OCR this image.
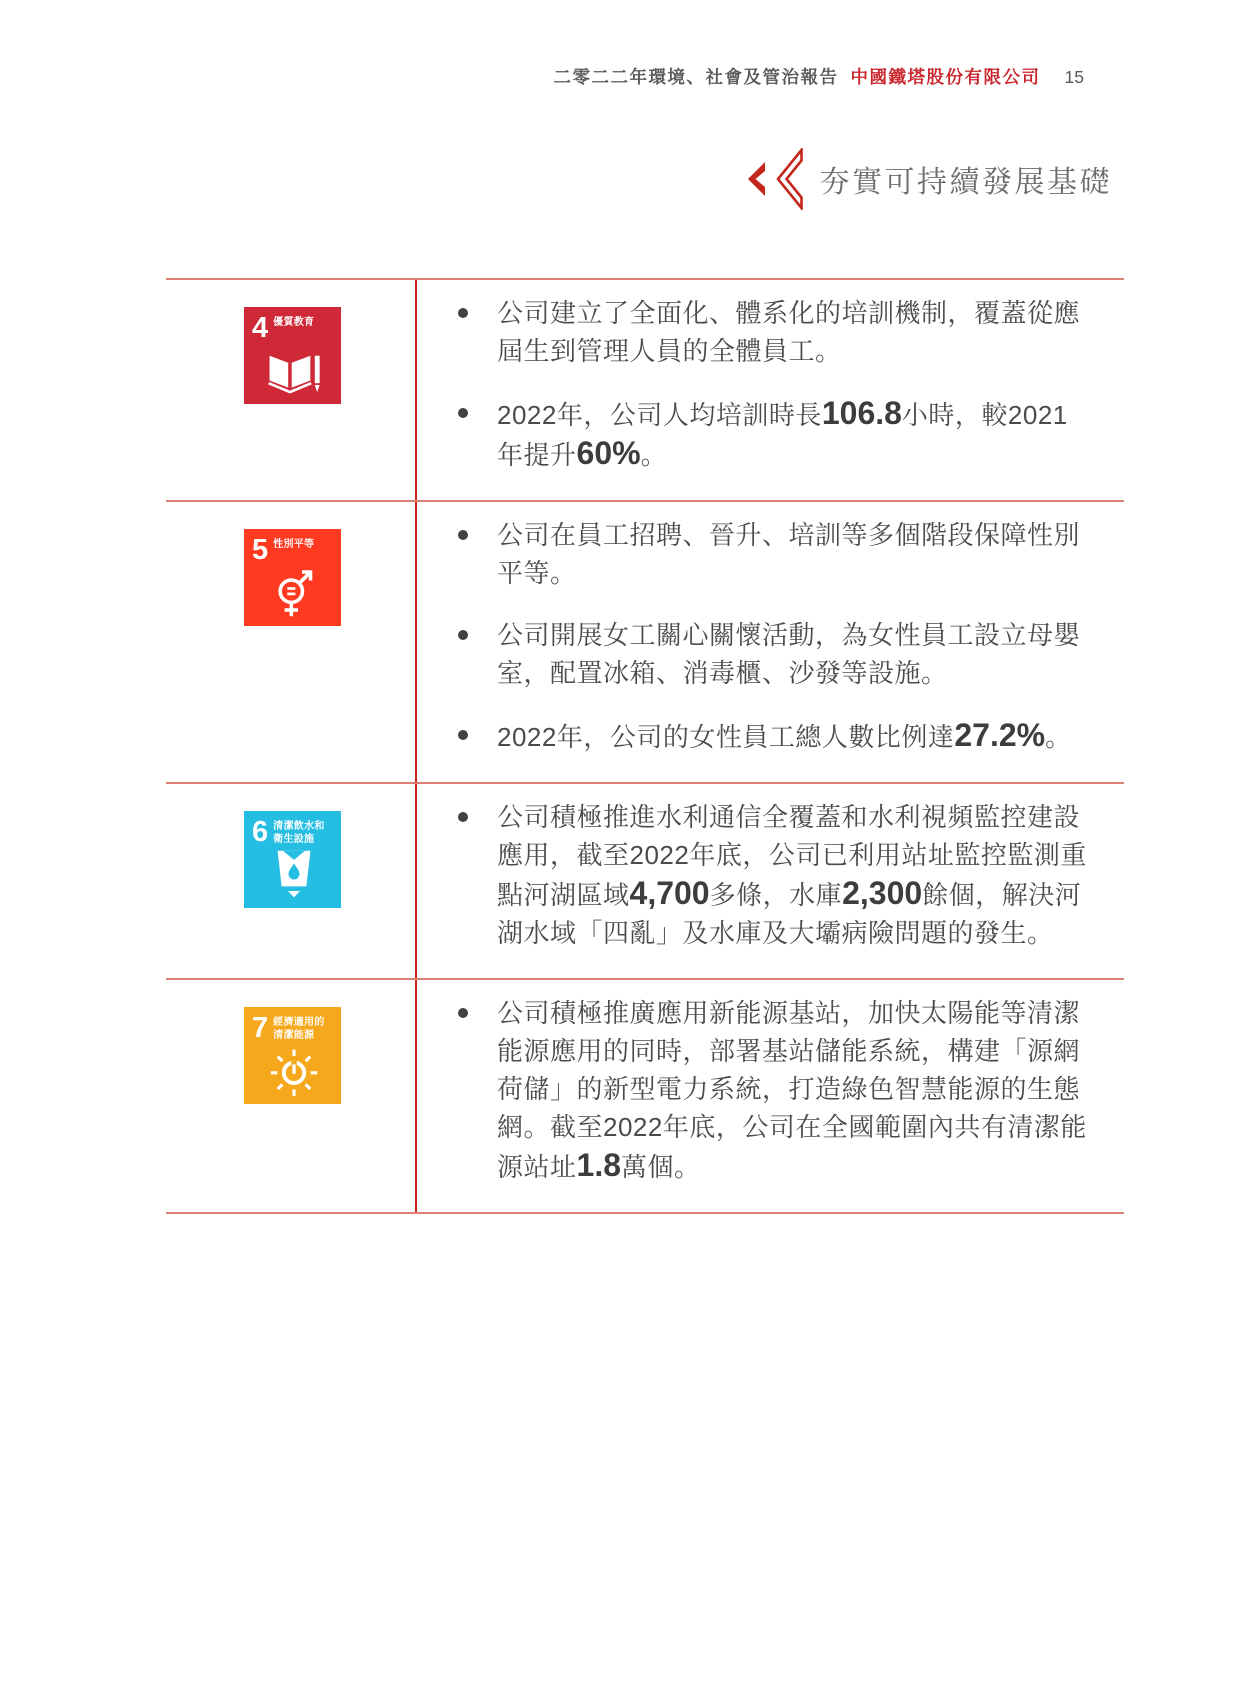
二零二二年環境、社會及管治報告 中國鐵塔股份有限公司 15
夯實可持續發展基礎
4 優質教育	公司建立了全面化、體系化的培訓機制，覆蓋從應屆生到管理人員的全體員工。
2022年，公司人均培訓時長106.8小時，較2021年提升60%。
5 性別平等	公司在員工招聘、晉升、培訓等多個階段保障性別平等。
公司開展女工關心關懷活動，為女性員工設立母嬰室，配置冰箱、消毒櫃、沙發等設施。
2022年，公司的女性員工總人數比例達27.2%。
6 清潔飲水和
衛生設施
公司積極推進水利通信全覆蓋和水利視頻監控建設應用，截至2022年底，公司已利用站址監控監測重點河湖區域4,700多條，水庫2,300餘個，解決河湖水域「四亂」及水庫及大壩病險問題的發生。
7 經濟適用的
清潔能源
公司積極推廣應用新能源基站，加快太陽能等清潔能源應用的同時，部署基站儲能系統，構建「源網荷儲」的新型電力系統，打造綠色智慧能源的生態網。截至2022年底，公司在全國範圍內共有清潔能源站址1.8萬個。
